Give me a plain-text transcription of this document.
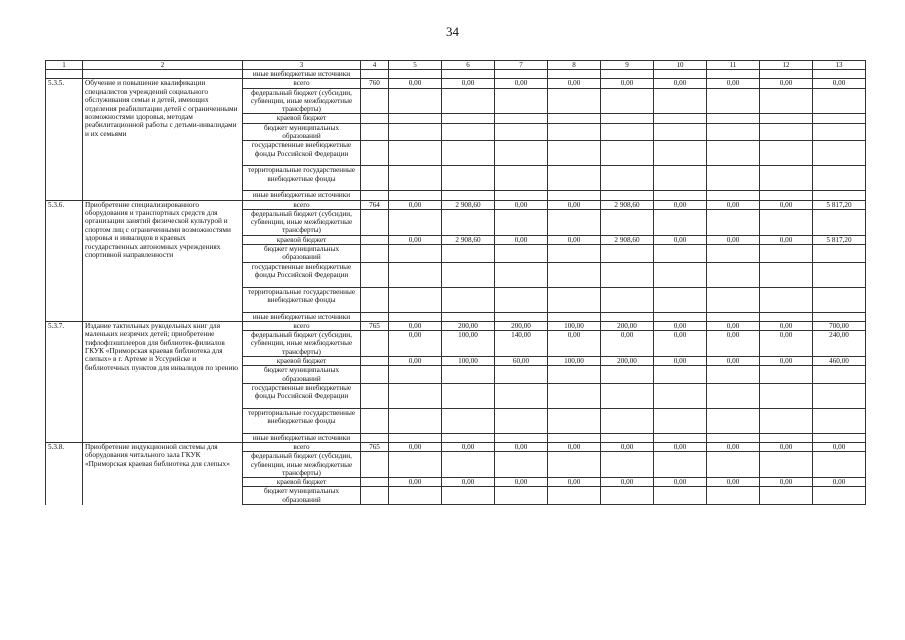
34
1	2	3	4	5	6	7	8	9	10	11	12	13
		иные внебюджетные источники										
5.3.5.	Обучение и повышение квалификации специалистов учреждений социального обслуживания семьи и детей, имеющих отделения реабилитации детей с ограниченными возможностями здоровья, методам реабилитационной работы с детьми-инвалидами и их семьями	всего	760	0,00	0,00	0,00	0,00	0,00	0,00	0,00	0,00	0,00
		федеральный бюджет (субсидии, субвенции, иные межбюджетные трансферты)										
		краевой бюджет										
		бюджет муниципальных образований										
		государственные внебюджетные фонды Российской Федерации										
		территориальные государственные внебюджетные фонды										
		иные внебюджетные источники										
5.3.6.	Приобретение специализированного оборудования и транспортных средств для организации занятий физической культурой и спортом лиц с ограниченными возможностями здоровья и инвалидов в краевых государственных автономных учреждениях спортивной направленности	всего	764	0,00	2 908,60	0,00	0,00	2 908,60	0,00	0,00	0,00	5 817,20
		федеральный бюджет (субсидии, субвенции, иные межбюджетные трансферты)										
		краевой бюджет		0,00	2 908,60	0,00	0,00	2 908,60	0,00	0,00	0,00	5 817,20
		бюджет муниципальных образований										
		государственные внебюджетные фонды Российской Федерации										
		территориальные государственные внебюджетные фонды										
		иные внебюджетные источники										
5.3.7.	Издание тактильных рукодельных книг для маленьких незрячих детей; приобретение тифлофлэшплееров для библиотек-филиалов ГКУК «Приморская краевая библиотека для слепых» в г. Артеме и Уссурийске и библиотечных пунктов для инвалидов по зрению	всего	765	0,00	200,00	200,00	100,00	200,00	0,00	0,00	0,00	700,00
		федеральный бюджет (субсидии, субвенции, иные межбюджетные трансферты)		0,00	100,00	140,00	0,00	0,00	0,00	0,00	0,00	240,00
		краевой бюджет		0,00	100,00	60,00	100,00	200,00	0,00	0,00	0,00	460,00
		бюджет муниципальных образований										
		государственные внебюджетные фонды Российской Федерации										
		территориальные государственные внебюджетные фонды										
		иные внебюджетные источники										
5.3.8.	Приобретение индукционной системы для оборудования читального зала ГКУК «Приморская краевая библиотека для слепых»	всего	765	0,00	0,00	0,00	0,00	0,00	0,00	0,00	0,00	0,00
		федеральный бюджет (субсидии, субвенции, иные межбюджетные трансферты)										
		краевой бюджет		0,00	0,00	0,00	0,00	0,00	0,00	0,00	0,00	0,00
		бюджет муниципальных образований										
